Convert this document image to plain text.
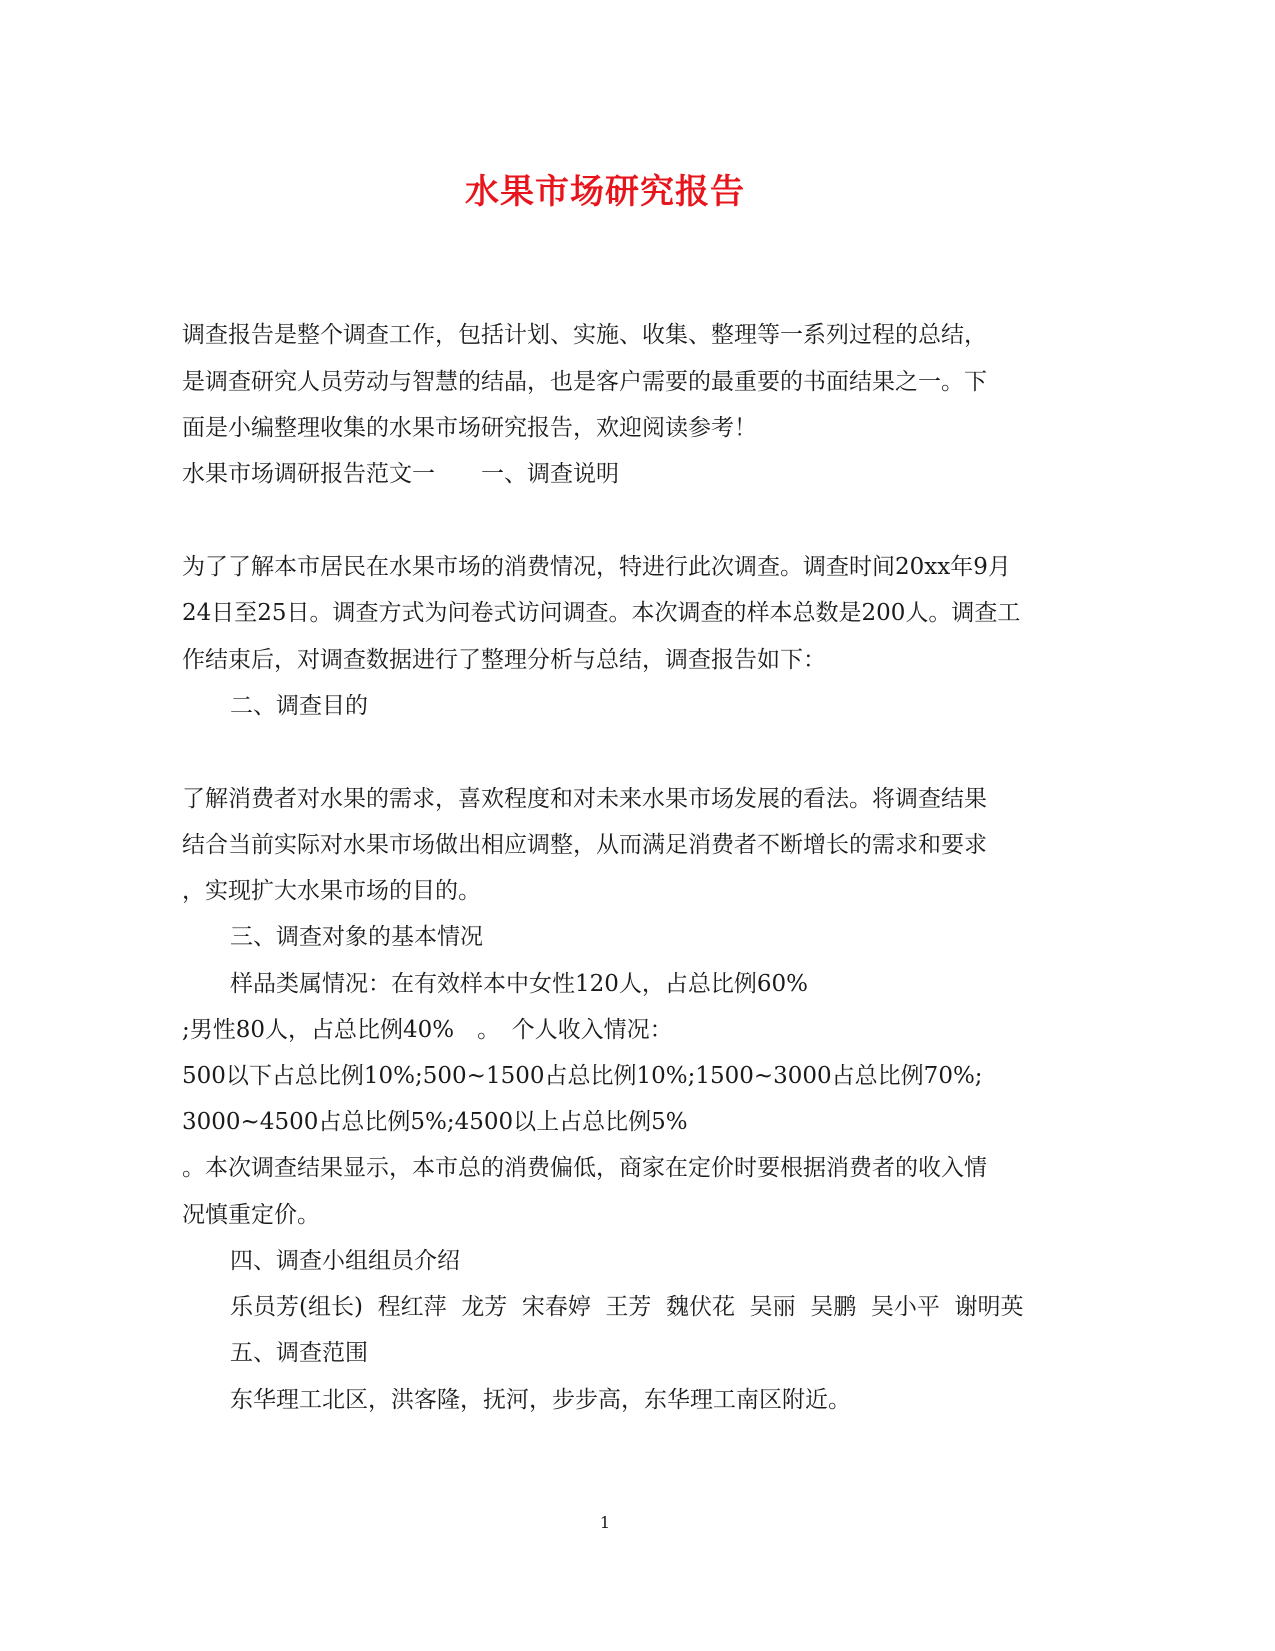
水果市场研究报告

调查报告是整个调查工作，包括计划、实施、收集、整理等一系列过程的总结，

是调查研究人员劳动与智慧的结晶，也是客户需要的最重要的书面结果之一。下

面是小编整理收集的水果市场研究报告，欢迎阅读参考！

水果市场调研报告范文一　　一、调查说明

为了了解本市居民在水果市场的消费情况，特进行此次调查。调查时间20xx年9月

24日至25日。调查方式为问卷式访问调查。本次调查的样本总数是200人。调查工

作结束后，对调查数据进行了整理分析与总结，调查报告如下：

二、调查目的

了解消费者对水果的需求，喜欢程度和对未来水果市场发展的看法。将调查结果

结合当前实际对水果市场做出相应调整，从而满足消费者不断增长的需求和要求

，实现扩大水果市场的目的。

三、调查对象的基本情况

样品类属情况：在有效样本中女性120人，占总比例60%

;男性80人，占总比例40%　。　个人收入情况：

500以下占总比例10%;500~1500占总比例10%;1500~3000占总比例70%;

3000~4500占总比例5%;4500以上占总比例5%

。本次调查结果显示，本市总的消费偏低，商家在定价时要根据消费者的收入情

况慎重定价。

四、调查小组组员介绍

乐员芳(组长)  程红萍  龙芳  宋春婷  王芳  魏伏花  吴丽  吴鹏  吴小平  谢明英

五、调查范围

东华理工北区，洪客隆，抚河，步步高，东华理工南区附近。

1
